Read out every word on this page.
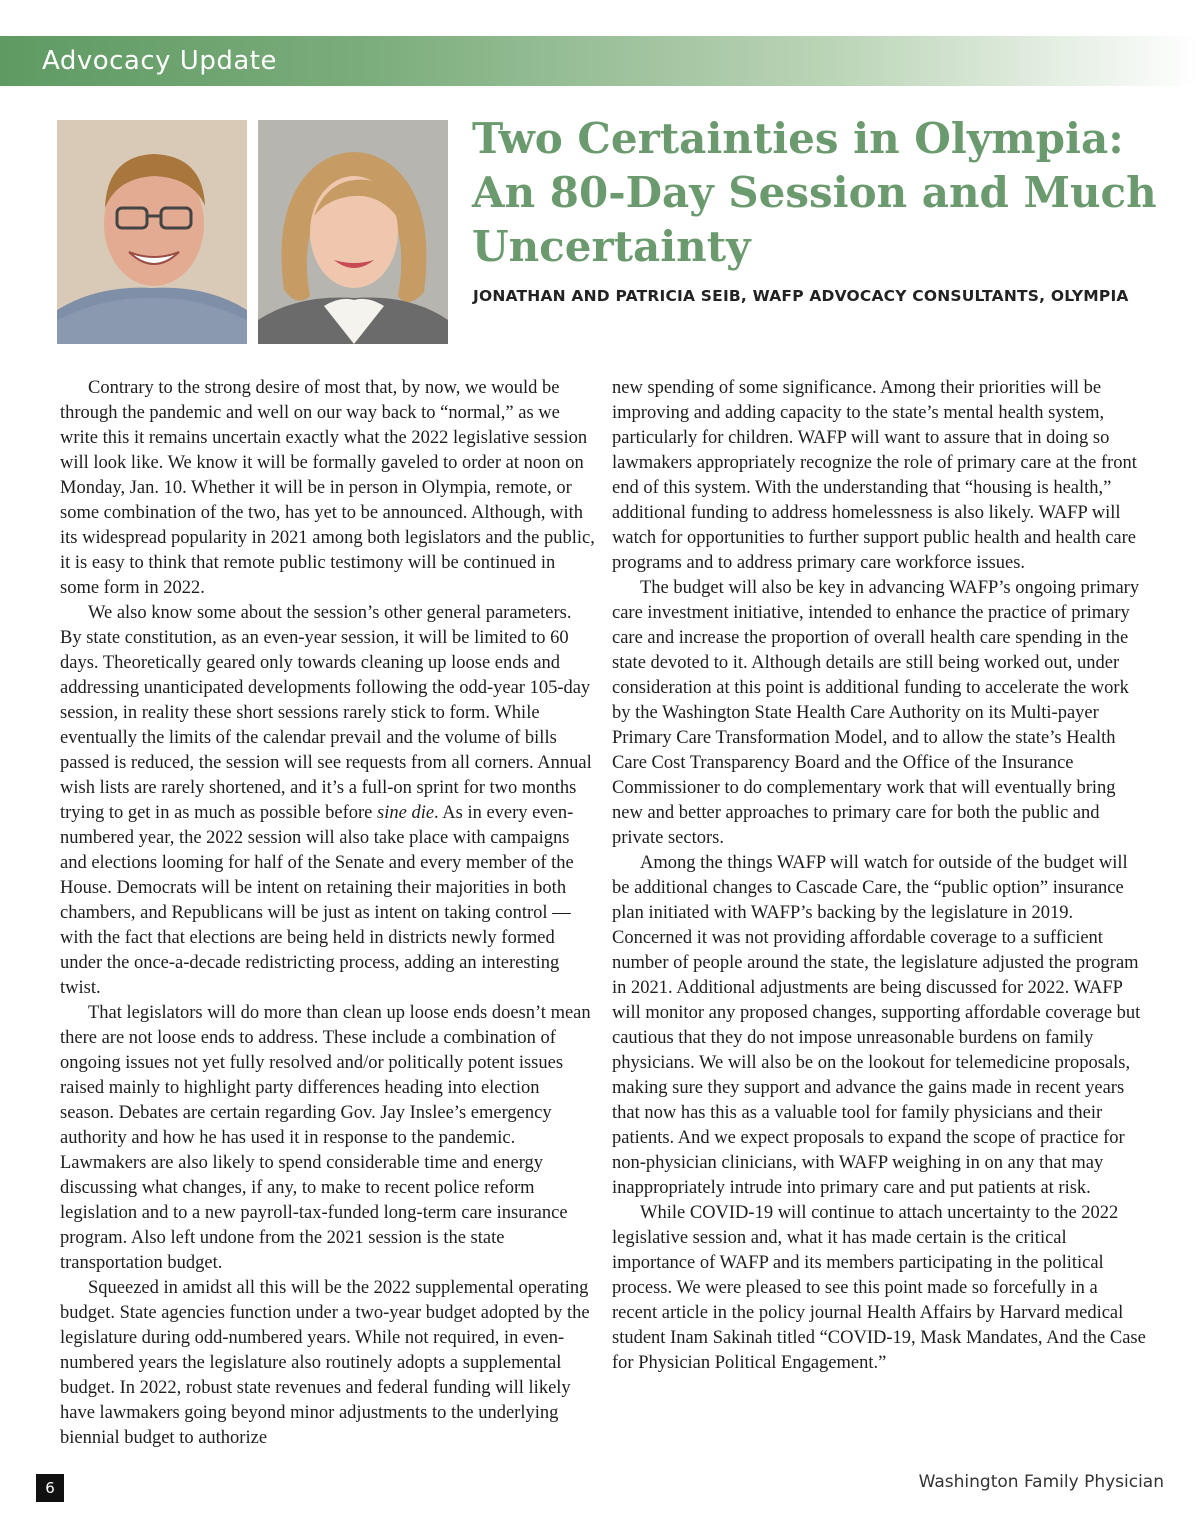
Advocacy Update
Two Certainties in Olympia: An 80-Day Session and Much Uncertainty

JONATHAN AND PATRICIA SEIB, WAFP ADVOCACY CONSULTANTS, OLYMPIA

Contrary to the strong desire of most that, by now, we would be through the pandemic and well on our way back to “normal,” as we write this it remains uncertain exactly what the 2022 legislative session will look like. We know it will be formally gaveled to order at noon on Monday, Jan. 10. Whether it will be in person in Olympia, remote, or some combination of the two, has yet to be announced. Although, with its widespread popularity in 2021 among both legislators and the public, it is easy to think that remote public testimony will be continued in some form in 2022.

We also know some about the session’s other general parameters. By state constitution, as an even-year session, it will be limited to 60 days. Theoretically geared only towards cleaning up loose ends and addressing unanticipated developments following the odd-year 105-day session, in reality these short sessions rarely stick to form. While eventually the limits of the calendar prevail and the volume of bills passed is reduced, the session will see requests from all corners. Annual wish lists are rarely shortened, and it’s a full-on sprint for two months trying to get in as much as possible before sine die. As in every even-numbered year, the 2022 session will also take place with campaigns and elections looming for half of the Senate and every member of the House. Democrats will be intent on retaining their majorities in both chambers, and Republicans will be just as intent on taking control — with the fact that elections are being held in districts newly formed under the once-a-decade redistricting process, adding an interesting twist.

That legislators will do more than clean up loose ends doesn’t mean there are not loose ends to address. These include a combination of ongoing issues not yet fully resolved and/or politically potent issues raised mainly to highlight party differences heading into election season. Debates are certain regarding Gov. Jay Inslee’s emergency authority and how he has used it in response to the pandemic. Lawmakers are also likely to spend considerable time and energy discussing what changes, if any, to make to recent police reform legislation and to a new payroll-tax-funded long-term care insurance program. Also left undone from the 2021 session is the state transportation budget.

Squeezed in amidst all this will be the 2022 supplemental operating budget. State agencies function under a two-year budget adopted by the legislature during odd-numbered years. While not required, in even-numbered years the legislature also routinely adopts a supplemental budget. In 2022, robust state revenues and federal funding will likely have lawmakers going beyond minor adjustments to the underlying biennial budget to authorize

new spending of some significance. Among their priorities will be improving and adding capacity to the state’s mental health system, particularly for children. WAFP will want to assure that in doing so lawmakers appropriately recognize the role of primary care at the front end of this system. With the understanding that “housing is health,” additional funding to address homelessness is also likely. WAFP will watch for opportunities to further support public health and health care programs and to address primary care workforce issues.

The budget will also be key in advancing WAFP’s ongoing primary care investment initiative, intended to enhance the practice of primary care and increase the proportion of overall health care spending in the state devoted to it. Although details are still being worked out, under consideration at this point is additional funding to accelerate the work by the Washington State Health Care Authority on its Multi-payer Primary Care Transformation Model, and to allow the state’s Health Care Cost Transparency Board and the Office of the Insurance Commissioner to do complementary work that will eventually bring new and better approaches to primary care for both the public and private sectors.

Among the things WAFP will watch for outside of the budget will be additional changes to Cascade Care, the “public option” insurance plan initiated with WAFP’s backing by the legislature in 2019. Concerned it was not providing affordable coverage to a sufficient number of people around the state, the legislature adjusted the program in 2021. Additional adjustments are being discussed for 2022. WAFP will monitor any proposed changes, supporting affordable coverage but cautious that they do not impose unreasonable burdens on family physicians. We will also be on the lookout for telemedicine proposals, making sure they support and advance the gains made in recent years that now has this as a valuable tool for family physicians and their patients. And we expect proposals to expand the scope of practice for non-physician clinicians, with WAFP weighing in on any that may inappropriately intrude into primary care and put patients at risk.

While COVID-19 will continue to attach uncertainty to the 2022 legislative session and, what it has made certain is the critical importance of WAFP and its members participating in the political process. We were pleased to see this point made so forcefully in a recent article in the policy journal Health Affairs by Harvard medical student Inam Sakinah titled “COVID-19, Mask Mandates, And the Case for Physician Political Engagement.”

6	Washington Family Physician
